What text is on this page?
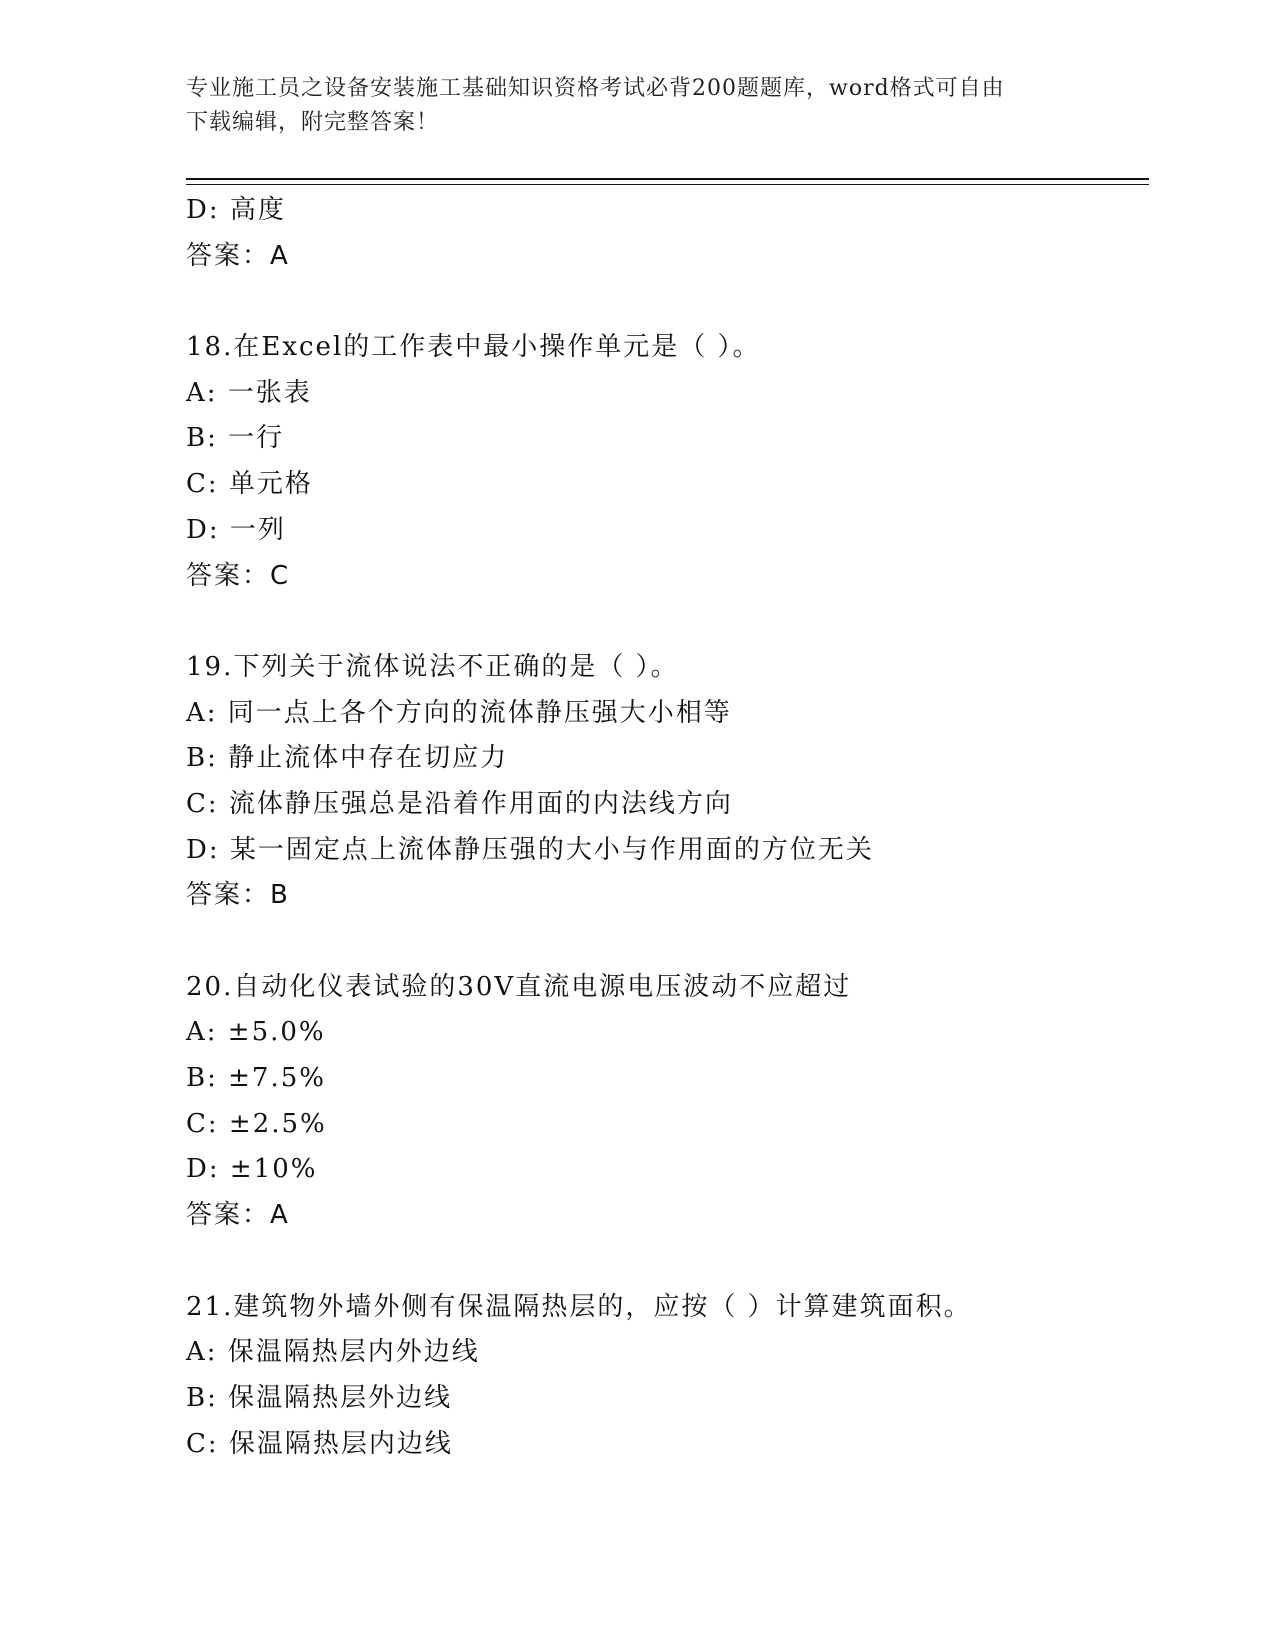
专业施工员之设备安装施工基础知识资格考试必背200题题库，word格式可自由
下载编辑，附完整答案！
D: 高度
答案：A
18.在Excel的工作表中最小操作单元是（ ）。
A: 一张表
B: 一行
C: 单元格
D: 一列
答案：C
19.下列关于流体说法不正确的是（ ）。
A: 同一点上各个方向的流体静压强大小相等
B: 静止流体中存在切应力
C: 流体静压强总是沿着作用面的内法线方向
D: 某一固定点上流体静压强的大小与作用面的方位无关
答案：B
20.自动化仪表试验的30V直流电源电压波动不应超过
A: ±5.0%
B: ±7.5%
C: ±2.5%
D: ±10%
答案：A
21.建筑物外墙外侧有保温隔热层的，应按（ ）计算建筑面积。
A: 保温隔热层内外边线
B: 保温隔热层外边线
C: 保温隔热层内边线
